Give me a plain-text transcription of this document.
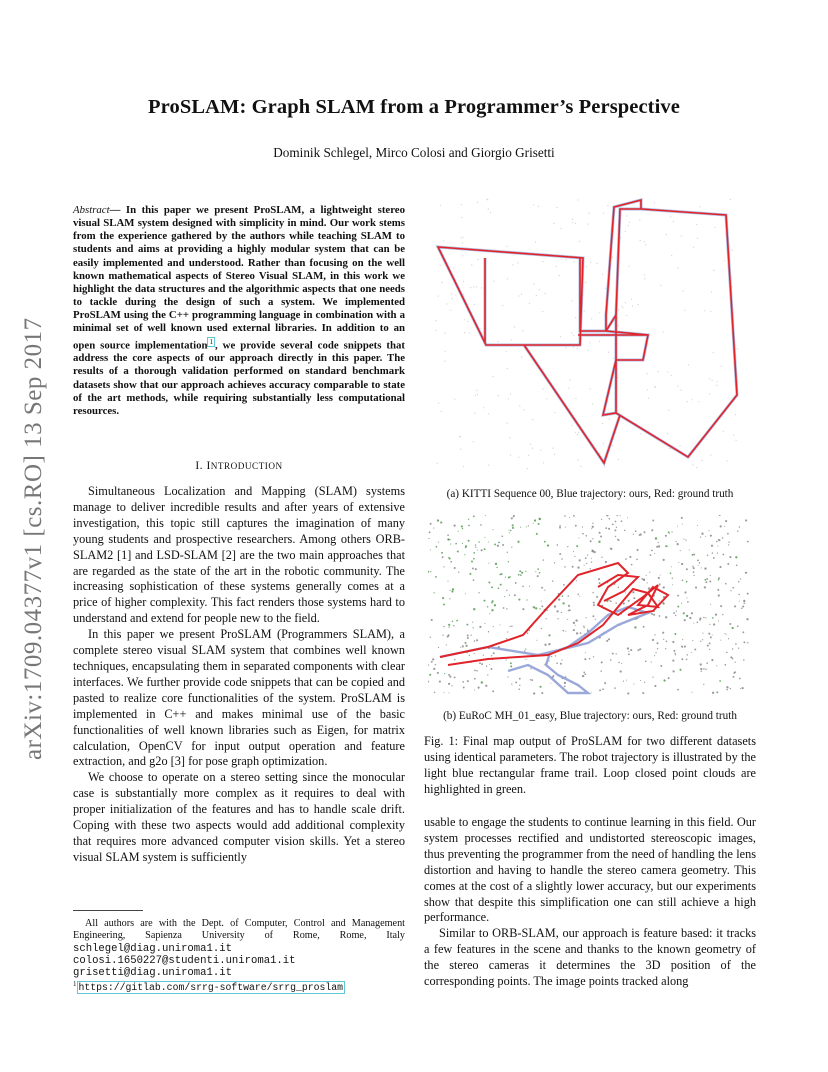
ProSLAM: Graph SLAM from a Programmer’s Perspective
Dominik Schlegel, Mirco Colosi and Giorgio Grisetti
arXiv:1709.04377v1 [cs.RO] 13 Sep 2017
Abstract— In this paper we present ProSLAM, a lightweight stereo visual SLAM system designed with simplicity in mind. Our work stems from the experience gathered by the authors while teaching SLAM to students and aims at providing a highly modular system that can be easily implemented and understood. Rather than focusing on the well known mathematical aspects of Stereo Visual SLAM, in this work we highlight the data structures and the algorithmic aspects that one needs to tackle during the design of such a system. We implemented ProSLAM using the C++ programming language in combination with a minimal set of well known used external libraries. In addition to an open source implementation $^1$ , we provide several code snippets that address the core aspects of our approach directly in this paper. The results of a thorough validation performed on standard benchmark datasets show that our approach achieves accuracy comparable to state of the art methods, while requiring substantially less computational resources.
I. INTRODUCTION

Simultaneous Localization and Mapping (SLAM) systems manage to deliver incredible results and after years of extensive investigation, this topic still captures the imagination of many young students and prospective researchers. Among others ORB-SLAM2 [1] and LSD-SLAM [2] are the two main approaches that are regarded as the state of the art in the robotic community. The increasing sophistication of these systems generally comes at a price of higher complexity. This fact renders those systems hard to understand and extend for people new to the field.

In this paper we present ProSLAM (Programmers SLAM), a complete stereo visual SLAM system that combines well known techniques, encapsulating them in separated components with clear interfaces. We further provide code snippets that can be copied and pasted to realize core functionalities of the system. ProSLAM is implemented in C++ and makes minimal use of the basic functionalities of well known libraries such as Eigen, for matrix calculation, OpenCV for input output operation and feature extraction, and g2o [3] for pose graph optimization.

We choose to operate on a stereo setting since the monocular case is substantially more complex as it requires to deal with proper initialization of the features and has to handle scale drift. Coping with these two aspects would add additional complexity that requires more advanced computer vision skills. Yet a stereo visual SLAM system is sufficiently

All authors are with the Dept. of Computer, Control and Management Engineering, Sapienza University of Rome, Rome, Italy schlegel@diag.uniroma1.it
colosi.1650227@studenti.uniroma1.it
grisetti@diag.uniroma1.it
$^1$ https://gitlab.com/srrg-software/srrg_proslam
(a) KITTI Sequence 00, Blue trajectory: ours, Red: ground truth
(b) EuRoC MH_01_easy, Blue trajectory: ours, Red: ground truth
Fig. 1: Final map output of ProSLAM for two different datasets using identical parameters. The robot trajectory is illustrated by the light blue rectangular frame trail. Loop closed point clouds are highlighted in green.

usable to engage the students to continue learning in this field. Our system processes rectified and undistorted stereoscopic images, thus preventing the programmer from the need of handling the lens distortion and having to handle the stereo camera geometry. This comes at the cost of a slightly lower accuracy, but our experiments show that despite this simplification one can still achieve a high performance.

Similar to ORB-SLAM, our approach is feature based: it tracks a few features in the scene and thanks to the known geometry of the stereo cameras it determines the 3D position of the corresponding points. The image points tracked along
